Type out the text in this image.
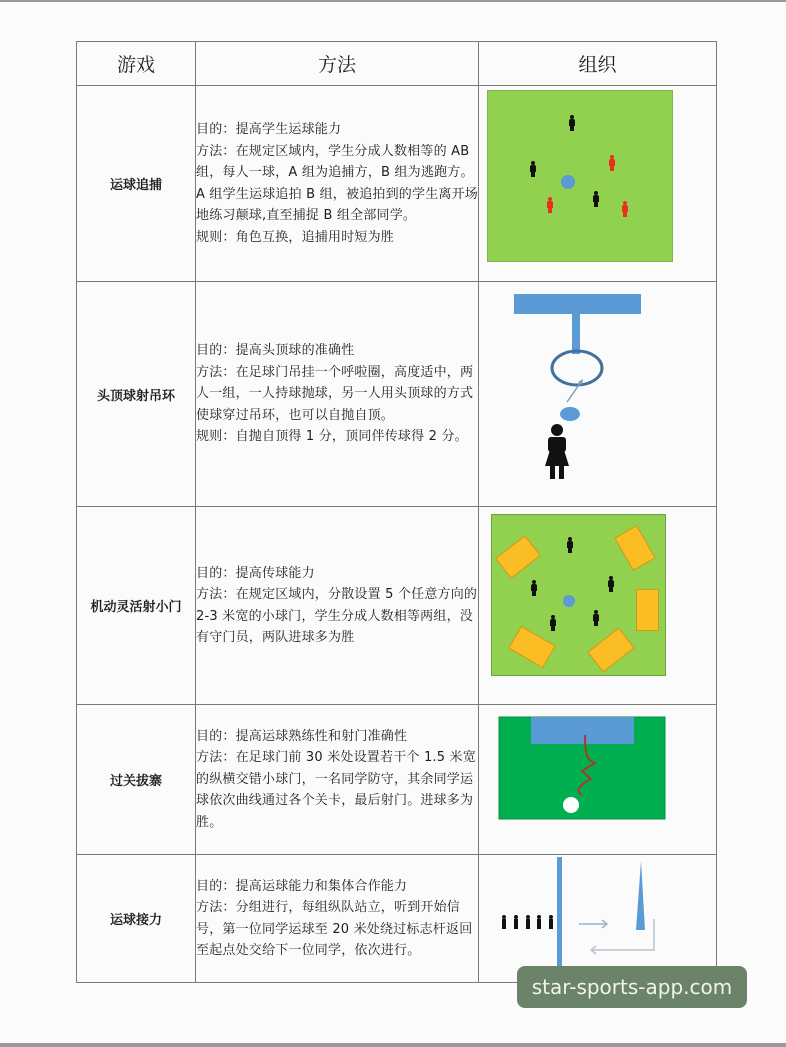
游戏	方法	组织
运球追捕	目的：提高学生运球能力

方法：在规定区域内，学生分成人数相等的 AB 组，每人一球，A 组为追捕方，B 组为逃跑方。A 组学生运球追拍 B 组，被追拍到的学生离开场地练习颠球,直至捕捉 B 组全部同学。

规则：角色互换，追捕用时短为胜	

头顶球射吊环	目的：提高头顶球的准确性

方法：在足球门吊挂一个呼啦圈，高度适中，两人一组，一人持球抛球，另一人用头顶球的方式使球穿过吊环，也可以自抛自顶。

规则：自抛自顶得 1 分，顶同伴传球得 2 分。

机动灵活射小门	目的：提高传球能力

方法：在规定区域内，分散设置 5 个任意方向的 2-3 米宽的小球门，学生分成人数相等两组，没有守门员，两队进球多为胜	

过关拔寨	目的：提高运球熟练性和射门准确性

方法：在足球门前 30 米处设置若干个 1.5 米宽的纵横交错小球门，一名同学防守，其余同学运球依次曲线通过各个关卡，最后射门。进球多为胜。

运球接力	目的：提高运球能力和集体合作能力

方法：分组进行，每组纵队站立，听到开始信号，第一位同学运球至 20 米处绕过标志杆返回至起点处交给下一位同学，依次进行。

star-sports-app.com
